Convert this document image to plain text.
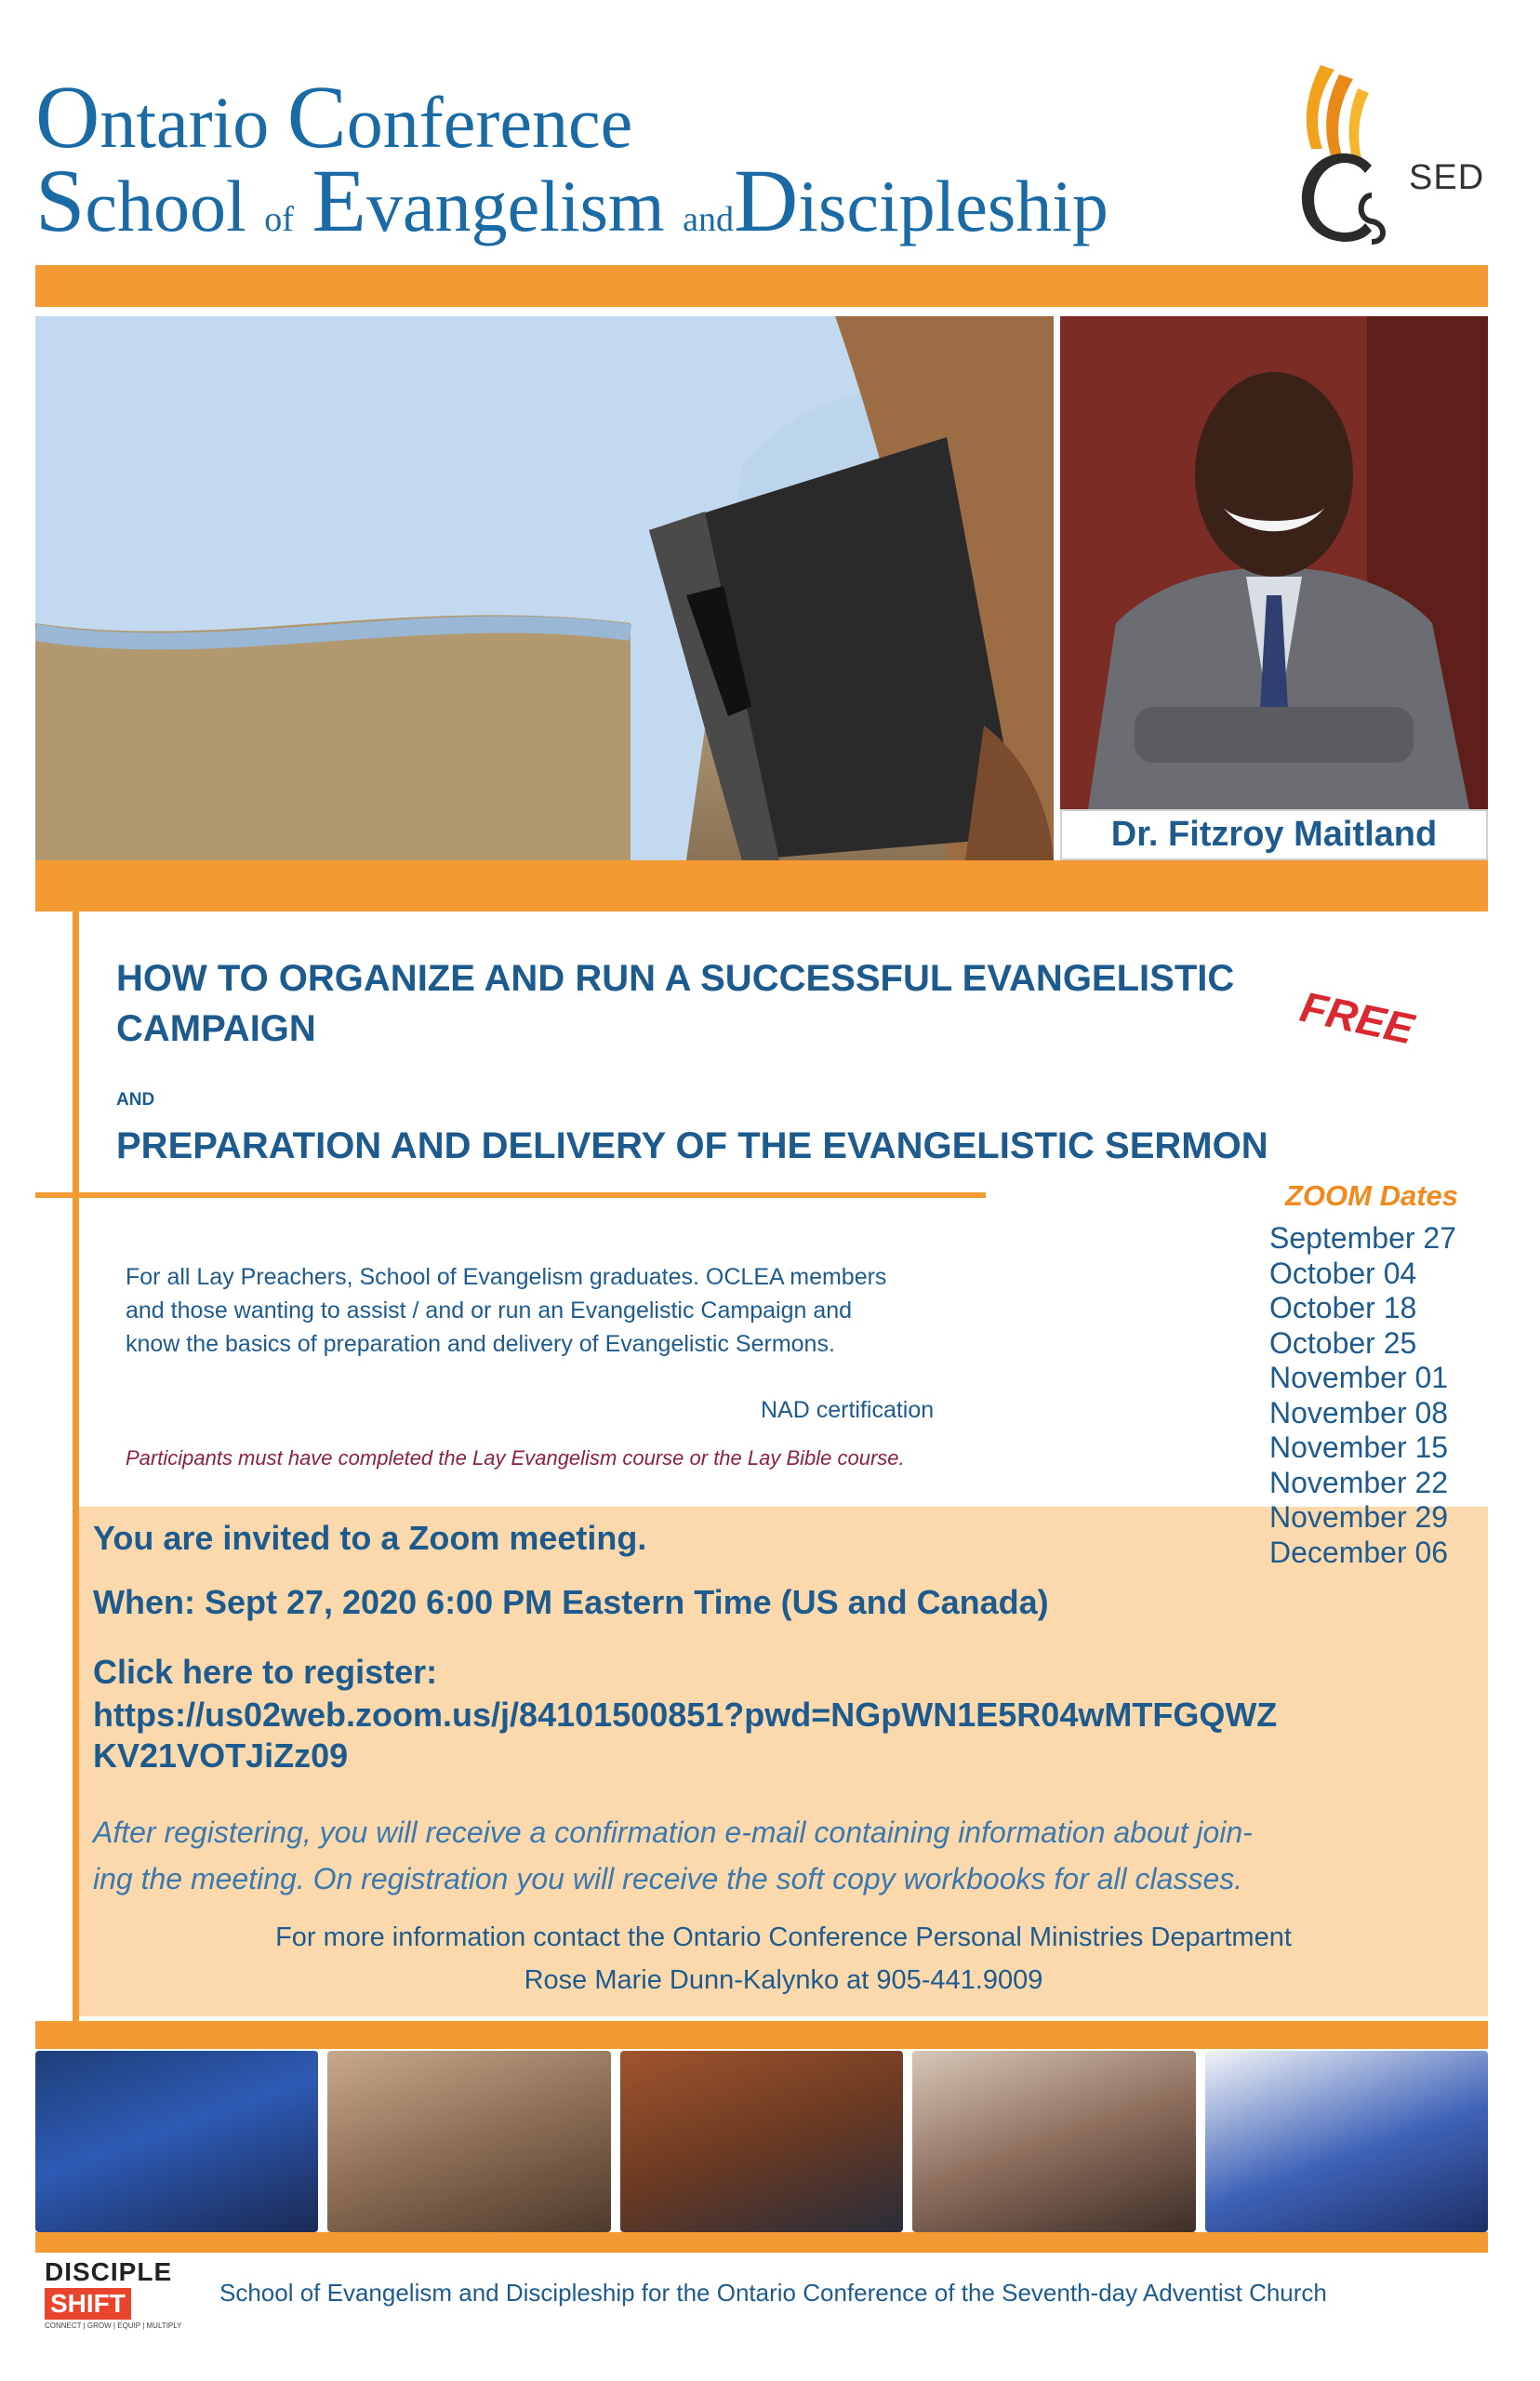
Ontario Conference
School of Evangelism andDiscipleship	SED
Dr. Fitzroy Maitland
HOW TO ORGANIZE AND RUN A SUCCESSFUL EVANGELISTIC
CAMPAIGN
AND
PREPARATION AND DELIVERY OF THE EVANGELISTIC SERMON
FREE
For all Lay Preachers, School of Evangelism graduates. OCLEA members
and those wanting to assist / and or run an Evangelistic Campaign and
know the basics of preparation and delivery of Evangelistic Sermons.
NAD certification
Participants must have completed the Lay Evangelism course or the Lay Bible course.
You are invited to a Zoom meeting.
When: Sept 27, 2020 6:00 PM Eastern Time (US and Canada)
Click here to register:
https://us02web.zoom.us/j/84101500851?pwd=NGpWN1E5R04wMTFGQWZ
KV21VOTJiZz09
After registering, you will receive a confirmation e-mail containing information about join-
ing the meeting. On registration you will receive the soft copy workbooks for all classes.
For more information contact the Ontario Conference Personal Ministries Department
Rose Marie Dunn-Kalynko at 905-441.9009
ZOOM Dates
September 27
October 04
October 18
October 25
November 01
November 08
November 15
November 22
November 29
December 06
DISCIPLE
SHIFT
CONNECT | GROW | EQUIP | MULTIPLY
School of Evangelism and Discipleship for the Ontario Conference of the Seventh-day Adventist Church
